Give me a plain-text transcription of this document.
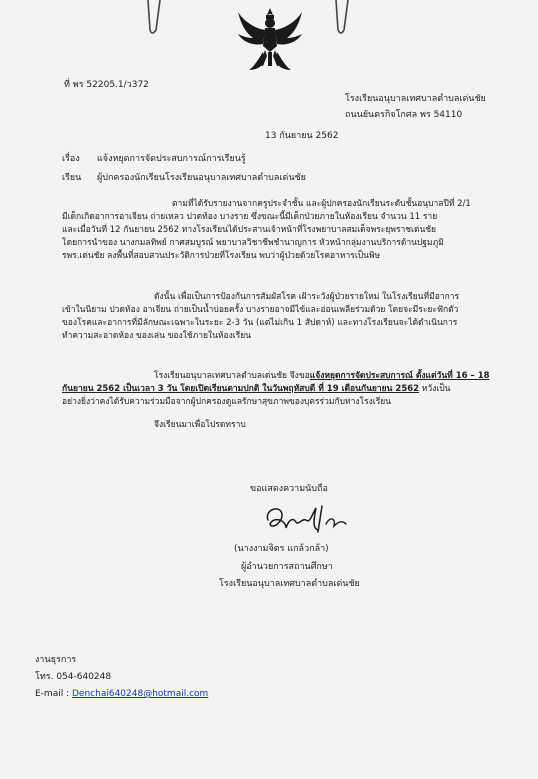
ที่ พร 52205.1/ว372
โรงเรียนอนุบาลเทศบาลตำบลเด่นชัย
ถนนยันตรกิจโกศล พร 54110
13 กันยายน 2562
เรื่อง แจ้งหยุดการจัดประสบการณ์การเรียนรู้
เรียน ผู้ปกครองนักเรียนโรงเรียนอนุบาลเทศบาลตำบลเด่นชัย
ตามที่ได้รับรายงานจากครูประจำชั้น และผู้ปกครองนักเรียนระดับชั้นอนุบาลปีที่ 2/1
มีเด็กเกิดอาการอาเจียน ถ่ายเหลว ปวดท้อง บางราย ซึ่งขณะนี้มีเด็กป่วยภายในห้องเรียน จำนวน 11 ราย
และเมื่อวันที่ 12 กันยายน 2562 ทางโรงเรียนได้ประสานเจ้าหน้าที่โรงพยาบาลสมเด็จพระยุพราชเด่นชัย
โดยการนำของ นางกมลทิพย์ กาศสมบูรณ์ พยาบาลวิชาชีพชำนาญการ หัวหน้ากลุ่มงานบริการด้านปฐมภูมิ
รพร.เด่นชัย ลงพื้นที่สอบสวนประวัติการป่วยที่โรงเรียน พบว่าผู้ป่วยด้วยโรคอาหารเป็นพิษ
ดังนั้น เพื่อเป็นการป้องกันการสัมผัสโรค เฝ้าระวังผู้ป่วยรายใหม่ ในโรงเรียนที่มีอาการ
เข้าในนิยาม ปวดท้อง อาเจียน ถ่ายเป็นน้ำบ่อยครั้ง บางรายอาจมีไข้และอ่อนเพลียร่วมด้วย โดยจะมีระยะฟักตัว
ของโรคและอาการที่มีลักษณะเฉพาะในระยะ 2-3 วัน (แต่ไม่เกิน 1 สัปดาห์) และทางโรงเรียนจะได้ดำเนินการ
ทำความสะอาดห้อง ของเล่น ของใช้ภายในห้องเรียน
โรงเรียนอนุบาลเทศบาลตำบลเด่นชัย จึงขอแจ้งหยุดการจัดประสบการณ์ ตั้งแต่วันที่ 16 – 18
กันยายน 2562 เป็นเวลา 3 วัน โดยเปิดเรียนตามปกติ ในวันพฤหัสบดี ที่ 19 เดือนกันยายน 2562 หวังเป็น
อย่างยิ่งว่าคงได้รับความร่วมมือจากผู้ปกครองดูแลรักษาสุขภาพของบุตรร่วมกับทางโรงเรียน
จึงเรียนมาเพื่อโปรดทราบ
ขอแสดงความนับถือ
(นางงามจิตร แกล้วกล้า)
ผู้อำนวยการสถานศึกษา
โรงเรียนอนุบาลเทศบาลตำบลเด่นชัย
งานธุรการ
โทร. 054-640248
E-mail : Denchai640248@hotmail.com
